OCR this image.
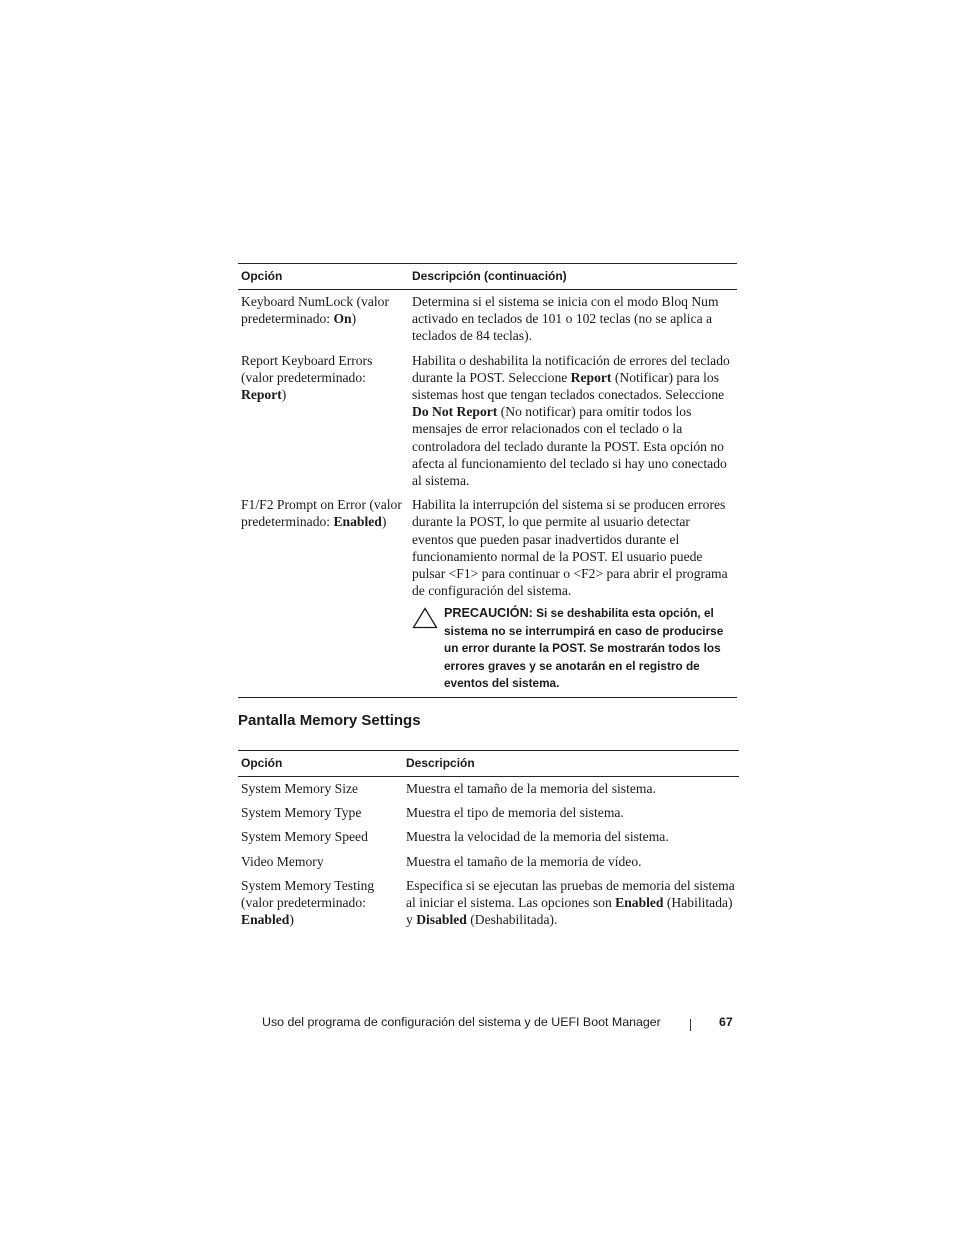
Opción	Descripción (continuación)
Keyboard NumLock (valor predeterminado: On)	Determina si el sistema se inicia con el modo Bloq Num activado en teclados de 101 o 102 teclas (no se aplica a teclados de 84 teclas).
Report Keyboard Errors (valor predeterminado: Report)	Habilita o deshabilita la notificación de errores del teclado durante la POST. Seleccione Report (Notificar) para los sistemas host que tengan teclados conectados. Seleccione Do Not Report (No notificar) para omitir todos los mensajes de error relacionados con el teclado o la controladora del teclado durante la POST. Esta opción no afecta al funcionamiento del teclado si hay uno conectado al sistema.
F1/F2 Prompt on Error (valor predeterminado: Enabled)	Habilita la interrupción del sistema si se producen errores durante la POST, lo que permite al usuario detectar eventos que pueden pasar inadvertidos durante el funcionamiento normal de la POST. El usuario puede pulsar <F1> para continuar o <F2> para abrir el programa de configuración del sistema.
PRECAUCIÓN: Si se deshabilita esta opción, el sistema no se interrumpirá en caso de producirse un error durante la POST. Se mostrarán todos los errores graves y se anotarán en el registro de eventos del sistema.
Pantalla Memory Settings
Opción	Descripción
System Memory Size	Muestra el tamaño de la memoria del sistema.
System Memory Type	Muestra el tipo de memoria del sistema.
System Memory Speed	Muestra la velocidad de la memoria del sistema.
Video Memory	Muestra el tamaño de la memoria de vídeo.
System Memory Testing (valor predeterminado: Enabled)	Especifica si se ejecutan las pruebas de memoria del sistema al iniciar el sistema. Las opciones son Enabled (Habilitada) y Disabled (Deshabilitada).
Uso del programa de configuración del sistema y de UEFI Boot Manager	67
